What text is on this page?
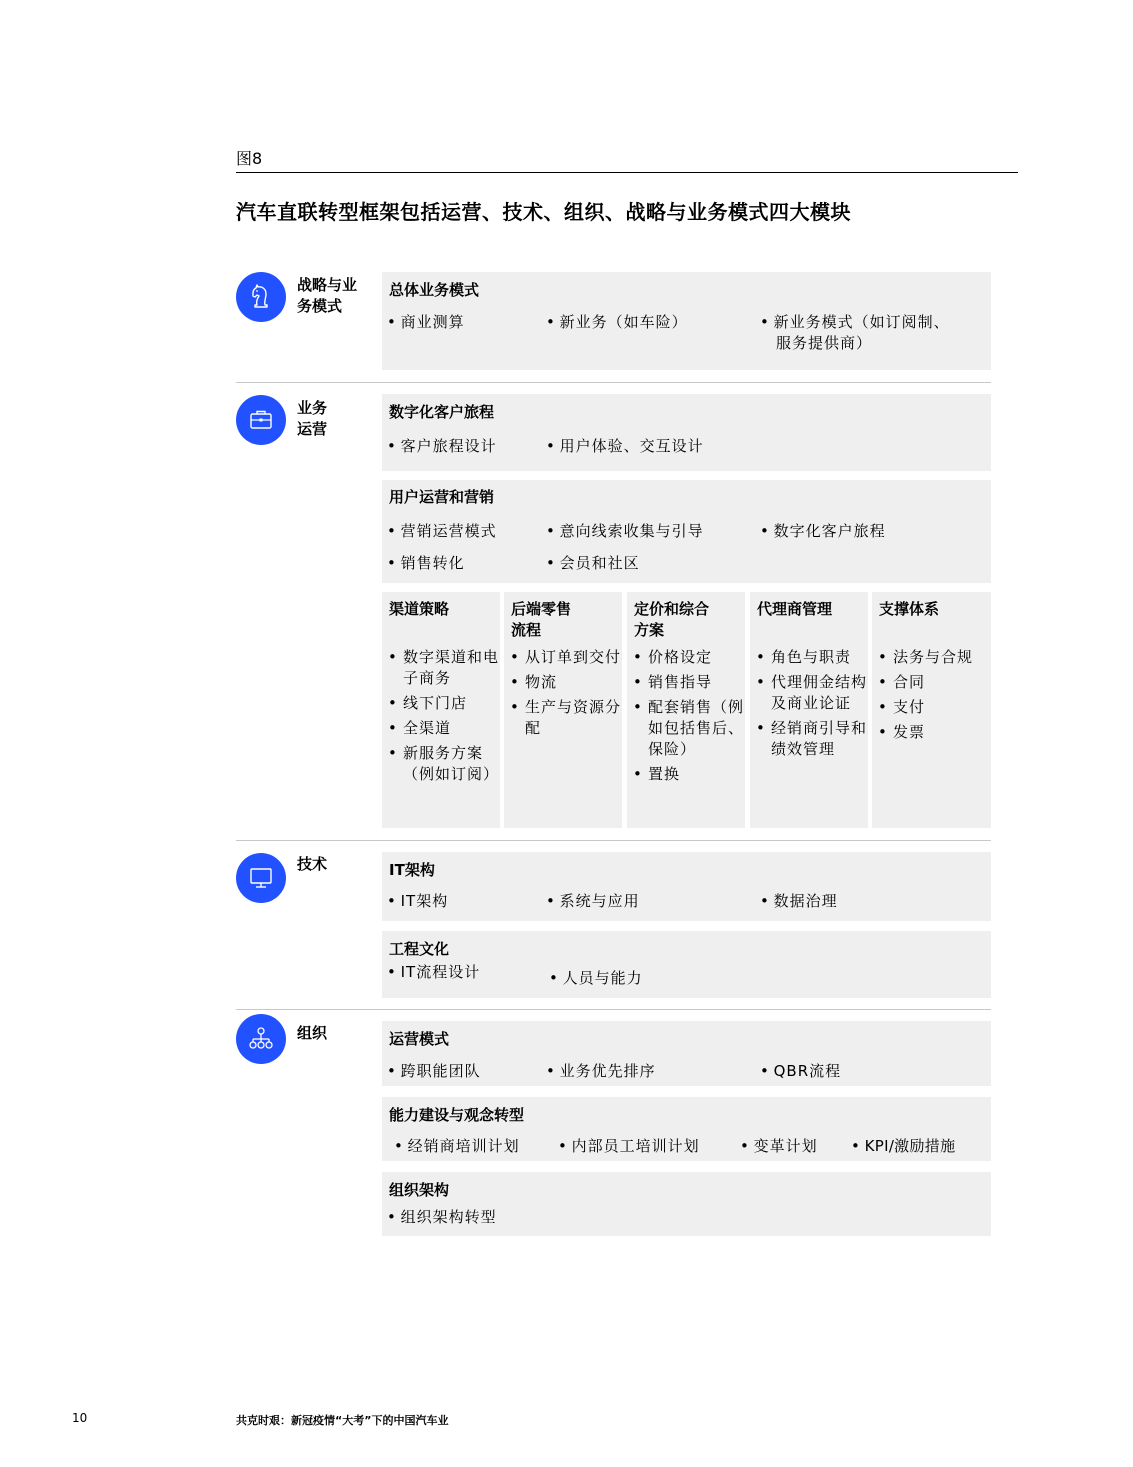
图8
汽车直联转型框架包括运营、技术、组织、战略与业务模式四大模块
战略与业
务模式
总体业务模式
• 商业测算	• 新业务（如车险）	• 新业务模式（如订阅制、
服务提供商）
业务
运营
数字化客户旅程
• 客户旅程设计	• 用户体验、交互设计
用户运营和营销
• 营销运营模式	• 意向线索收集与引导	• 数字化客户旅程
• 销售转化	• 会员和社区
渠道策略
• 数字渠道和电子商务
• 线下门店
• 全渠道
• 新服务方案（例如订阅）
后端零售
流程
• 从订单到交付
• 物流
• 生产与资源分配
定价和综合
方案
• 价格设定
• 销售指导
• 配套销售（例如包括售后、保险）
• 置换
代理商管理
• 角色与职责
• 代理佣金结构及商业论证
• 经销商引导和绩效管理
支撑体系
• 法务与合规
• 合同
• 支付
• 发票
技术	IT架构
• IT架构	• 系统与应用	• 数据治理
工程文化
• IT流程设计	• 人员与能力
组织	运营模式
• 跨职能团队	• 业务优先排序	• QBR流程
能力建设与观念转型
• 经销商培训计划	• 内部员工培训计划	• 变革计划	• KPI/激励措施
组织架构
• 组织架构转型
10	共克时艰：新冠疫情“大考”下的中国汽车业
